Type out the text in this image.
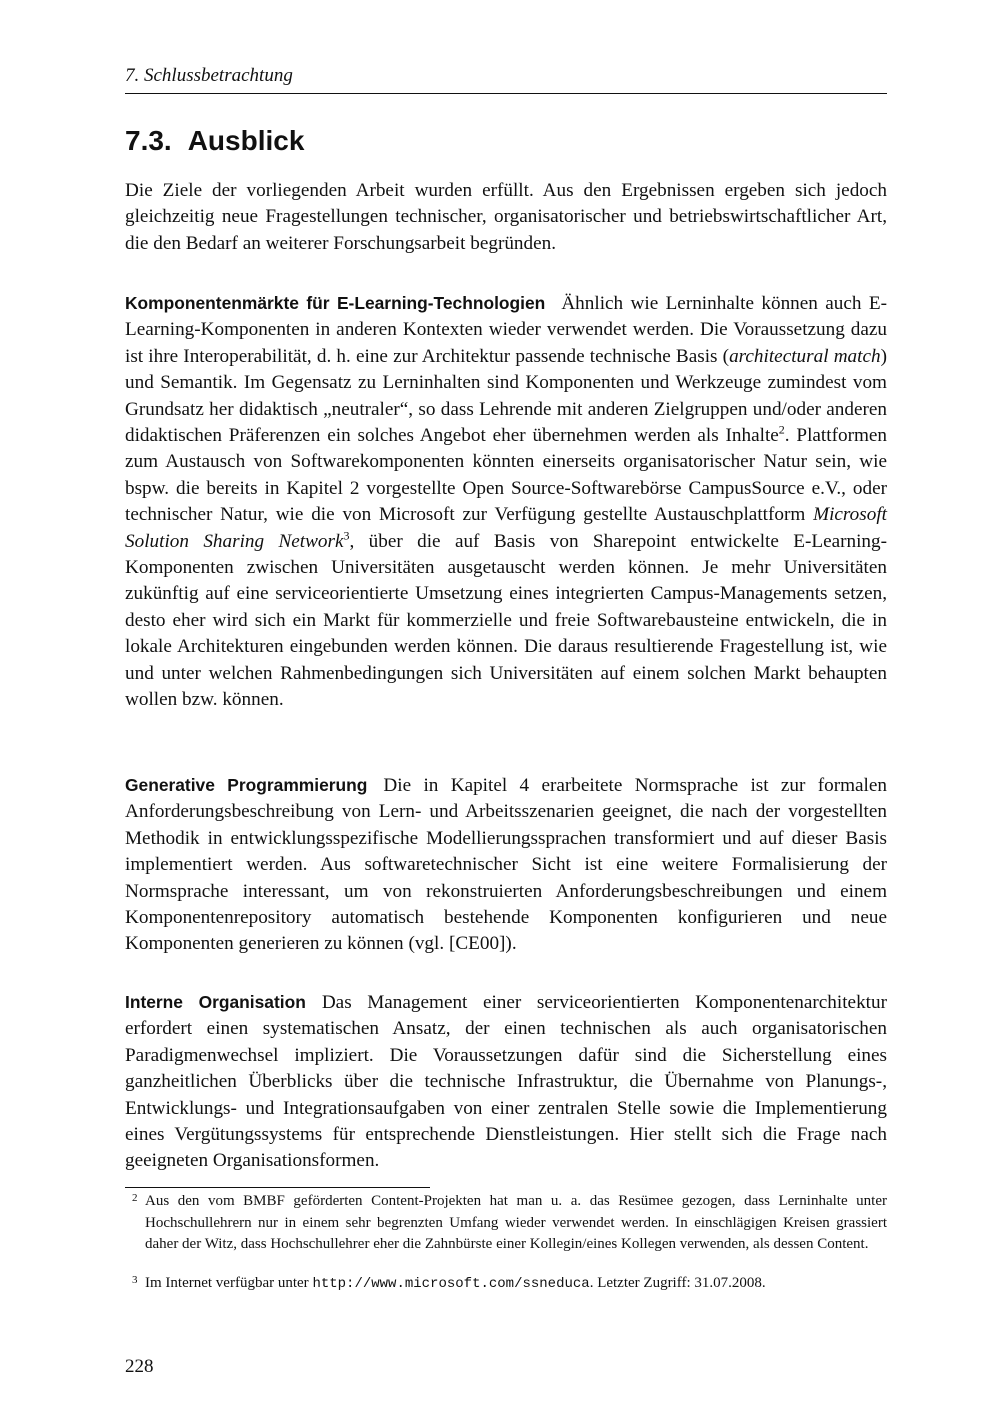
7. Schlussbetrachtung
7.3. Ausblick

Die Ziele der vorliegenden Arbeit wurden erfüllt. Aus den Ergebnissen ergeben sich jedoch gleichzeitig neue Fragestellungen technischer, organisatorischer und betriebswirtschaftlicher Art, die den Bedarf an weiterer Forschungsarbeit begründen.

Komponentenmärkte für E-Learning-Technologien Ähnlich wie Lerninhalte können auch E-Learning-Komponenten in anderen Kontexten wieder verwendet werden. Die Voraussetzung dazu ist ihre Interoperabilität, d. h. eine zur Architektur passende technische Basis (architectural match) und Semantik. Im Gegensatz zu Lerninhalten sind Komponenten und Werkzeuge zumindest vom Grundsatz her didaktisch „neutraler“, so dass Lehrende mit anderen Zielgruppen und/oder anderen didaktischen Präferenzen ein solches Angebot eher übernehmen werden als Inhalte$^2$. Plattformen zum Austausch von Softwarekomponenten könnten einerseits organisatorischer Natur sein, wie bspw. die bereits in Kapitel 2 vorgestellte Open Source-Softwarebörse CampusSource e.V., oder technischer Natur, wie die von Microsoft zur Verfügung gestellte Austauschplattform Microsoft Solution Sharing Network$^3$, über die auf Basis von Sharepoint entwickelte E-Learning-Komponenten zwischen Universitäten ausgetauscht werden können. Je mehr Universitäten zukünftig auf eine serviceorientierte Umsetzung eines integrierten Campus-Managements setzen, desto eher wird sich ein Markt für kommerzielle und freie Softwarebausteine entwickeln, die in lokale Architekturen eingebunden werden können. Die daraus resultierende Fragestellung ist, wie und unter welchen Rahmenbedingungen sich Universitäten auf einem solchen Markt behaupten wollen bzw. können.

Generative Programmierung Die in Kapitel 4 erarbeitete Normsprache ist zur formalen Anforderungsbeschreibung von Lern- und Arbeitsszenarien geeignet, die nach der vorgestellten Methodik in entwicklungsspezifische Modellierungssprachen transformiert und auf dieser Basis implementiert werden. Aus softwaretechnischer Sicht ist eine weitere Formalisierung der Normsprache interessant, um von rekonstruierten Anforderungsbeschreibungen und einem Komponentenrepository automatisch bestehende Komponenten konfigurieren und neue Komponenten generieren zu können (vgl. [CE00]).

Interne Organisation Das Management einer serviceorientierten Komponentenarchitektur erfordert einen systematischen Ansatz, der einen technischen als auch organisatorischen Paradigmenwechsel impliziert. Die Voraussetzungen dafür sind die Sicherstellung eines ganzheitlichen Überblicks über die technische Infrastruktur, die Übernahme von Planungs-, Entwicklungs- und Integrationsaufgaben von einer zentralen Stelle sowie die Implementierung eines Vergütungssystems für entsprechende Dienstleistungen. Hier stellt sich die Frage nach geeigneten Organisationsformen.

2 Aus den vom BMBF geförderten Content-Projekten hat man u. a. das Resümee gezogen, dass Lerninhalte unter Hochschullehrern nur in einem sehr begrenzten Umfang wieder verwendet werden. In einschlägigen Kreisen grassiert daher der Witz, dass Hochschullehrer eher die Zahnbürste einer Kollegin/eines Kollegen verwenden, als dessen Content.

3 Im Internet verfügbar unter http://www.microsoft.com/ssneduca. Letzter Zugriff: 31.07.2008.

228
